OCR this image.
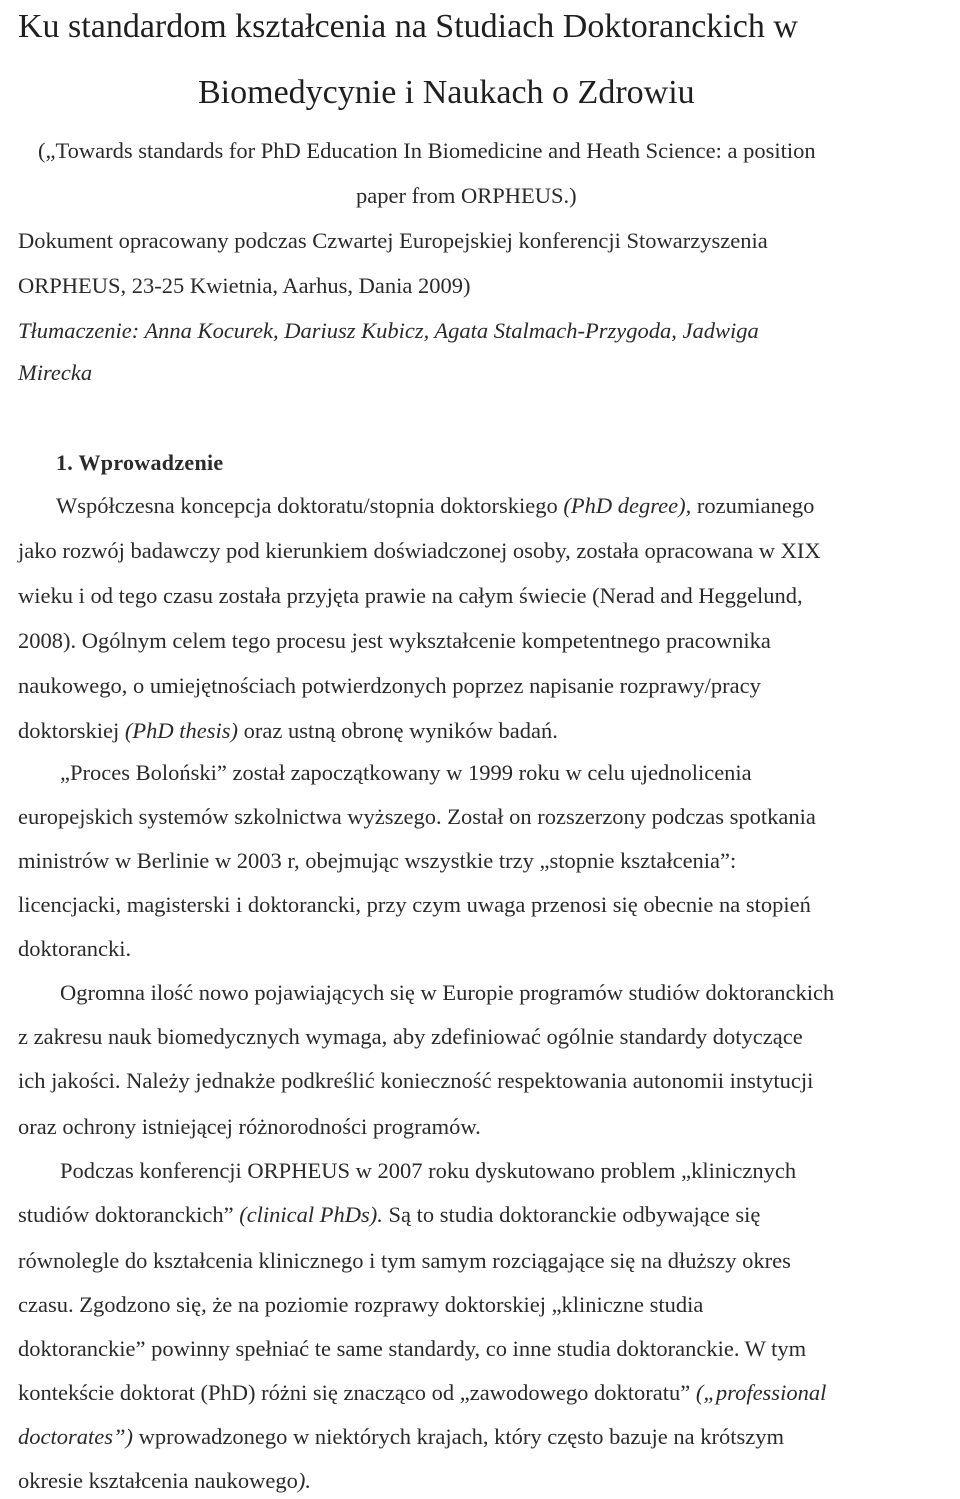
Ku standardom kształcenia na Studiach Doktoranckich w
Biomedycynie i Naukach o Zdrowiu
(„Towards standards for PhD Education In Biomedicine and Heath Science: a position
paper from ORPHEUS.)
Dokument opracowany podczas Czwartej Europejskiej konferencji Stowarzyszenia
ORPHEUS, 23-25 Kwietnia, Aarhus, Dania 2009)
Tłumaczenie: Anna Kocurek, Dariusz Kubicz, Agata Stalmach-Przygoda, Jadwiga
Mirecka
1. Wprowadzenie
Współczesna koncepcja doktoratu/stopnia doktorskiego (PhD degree), rozumianego
jako rozwój badawczy pod kierunkiem doświadczonej osoby, została opracowana w XIX
wieku i od tego czasu została przyjęta prawie na całym świecie (Nerad and Heggelund,
2008). Ogólnym celem tego procesu jest wykształcenie kompetentnego pracownika
naukowego, o umiejętnościach potwierdzonych poprzez napisanie rozprawy/pracy
doktorskiej (PhD thesis) oraz ustną obronę wyników badań.
„Proces Boloński” został zapoczątkowany w 1999 roku w celu ujednolicenia
europejskich systemów szkolnictwa wyższego. Został on rozszerzony podczas spotkania
ministrów w Berlinie w 2003 r, obejmując wszystkie trzy „stopnie kształcenia”:
licencjacki, magisterski i doktorancki, przy czym uwaga przenosi się obecnie na stopień
doktorancki.
Ogromna ilość nowo pojawiających się w Europie programów studiów doktoranckich
z zakresu nauk biomedycznych wymaga, aby zdefiniować ogólnie standardy dotyczące
ich jakości. Należy jednakże podkreślić konieczność respektowania autonomii instytucji
oraz ochrony istniejącej różnorodności programów.
Podczas konferencji ORPHEUS w 2007 roku dyskutowano problem „klinicznych
studiów doktoranckich” (clinical PhDs). Są to studia doktoranckie odbywające się
równolegle do kształcenia klinicznego i tym samym rozciągające się na dłuższy okres
czasu. Zgodzono się, że na poziomie rozprawy doktorskiej „kliniczne studia
doktoranckie” powinny spełniać te same standardy, co inne studia doktoranckie. W tym
kontekście doktorat (PhD) różni się znacząco od „zawodowego doktoratu” („professional
doctorates”) wprowadzonego w niektórych krajach, który często bazuje na krótszym
okresie kształcenia naukowego).
